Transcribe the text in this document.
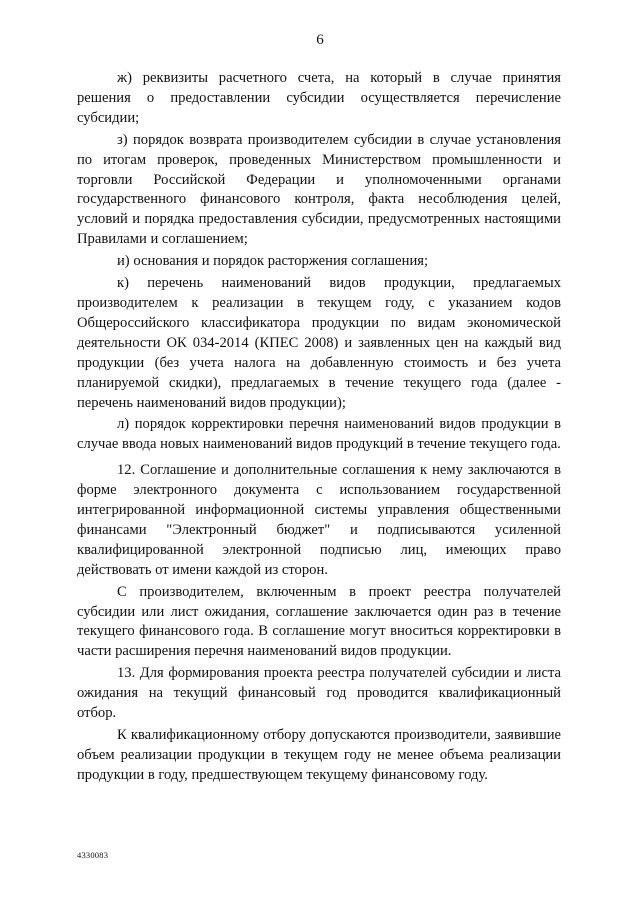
6

ж) реквизиты расчетного счета, на который в случае принятия решения о предоставлении субсидии осуществляется перечисление субсидии;

з) порядок возврата производителем субсидии в случае установления по итогам проверок, проведенных Министерством промышленности и торговли Российской Федерации и уполномоченными органами государственного финансового контроля, факта несоблюдения целей, условий и порядка предоставления субсидии, предусмотренных настоящими Правилами и соглашением;

и) основания и порядок расторжения соглашения;

к) перечень наименований видов продукции, предлагаемых производителем к реализации в текущем году, с указанием кодов Общероссийского классификатора продукции по видам экономической деятельности ОК 034-2014 (КПЕС 2008) и заявленных цен на каждый вид продукции (без учета налога на добавленную стоимость и без учета планируемой скидки), предлагаемых в течение текущего года (далее - перечень наименований видов продукции);

л) порядок корректировки перечня наименований видов продукции в случае ввода новых наименований видов продукций в течение текущего года.

12. Соглашение и дополнительные соглашения к нему заключаются в форме электронного документа с использованием государственной интегрированной информационной системы управления общественными финансами "Электронный бюджет" и подписываются усиленной квалифицированной электронной подписью лиц, имеющих право действовать от имени каждой из сторон.

С производителем, включенным в проект реестра получателей субсидии или лист ожидания, соглашение заключается один раз в течение текущего финансового года. В соглашение могут вноситься корректировки в части расширения перечня наименований видов продукции.

13. Для формирования проекта реестра получателей субсидии и листа ожидания на текущий финансовый год проводится квалификационный отбор.

К квалификационному отбору допускаются производители, заявившие объем реализации продукции в текущем году не менее объема реализации продукции в году, предшествующем текущему финансовому году.

4330083
